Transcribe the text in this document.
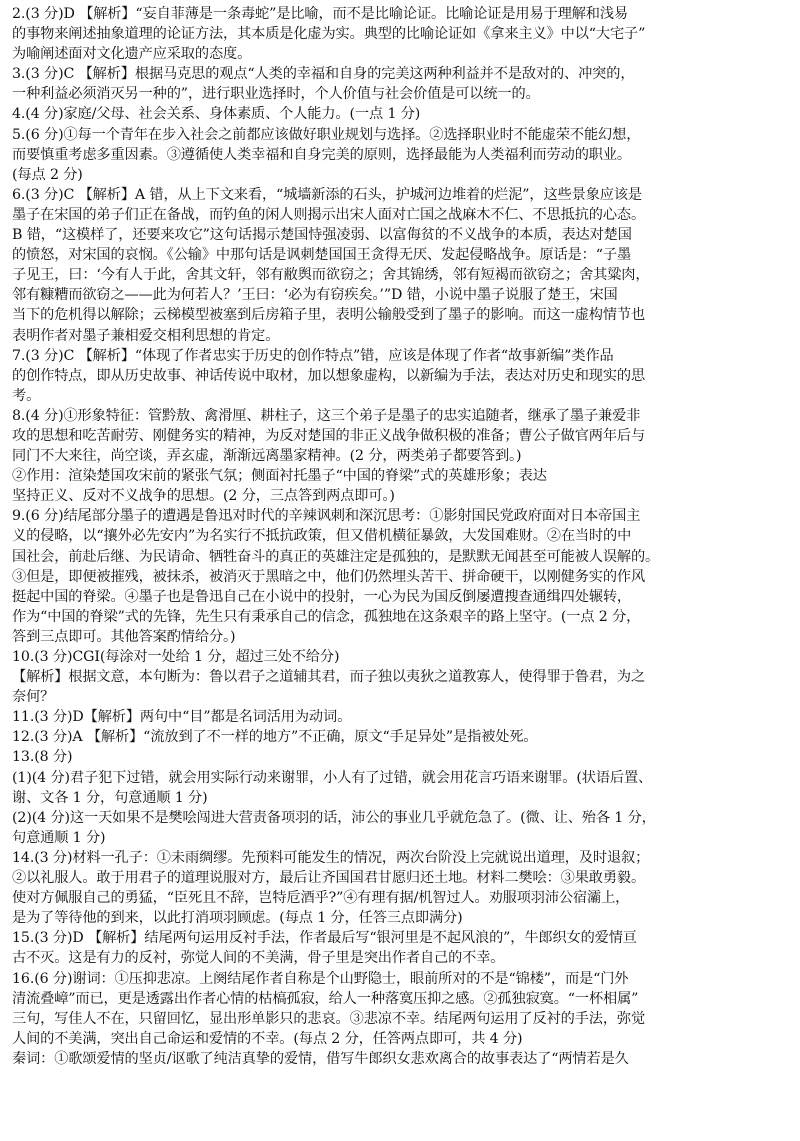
2.(3 分)D 【解析】“妄自菲薄是一条毒蛇”是比喻，而不是比喻论证。比喻论证是用易于理解和浅易
的事物来阐述抽象道理的论证方法，其本质是化虚为实。典型的比喻论证如《拿来主义》中以“大宅子”
为喻阐述面对文化遗产应采取的态度。
3.(3 分)C 【解析】根据马克思的观点“人类的幸福和自身的完美这两种利益并不是敌对的、冲突的，
一种利益必须消灭另一种的”，进行职业选择时，个人价值与社会价值是可以统一的。
4.(4 分)家庭/父母、社会关系、身体素质、个人能力。(一点 1 分)
5.(6 分)①每一个青年在步入社会之前都应该做好职业规划与选择。②选择职业时不能虚荣不能幻想，
而要慎重考虑多重因素。③遵循使人类幸福和自身完美的原则，选择最能为人类福利而劳动的职业。
(每点 2 分)
6.(3 分)C 【解析】A 错，从上下文来看，“城墙新添的石头，护城河边堆着的烂泥”，这些景象应该是
墨子在宋国的弟子们正在备战，而钓鱼的闲人则揭示出宋人面对亡国之战麻木不仁、不思抵抗的心态。
B 错，“这模样了，还要来攻它”这句话揭示楚国恃强凌弱、以富侮贫的不义战争的本质，表达对楚国
的愤怒，对宋国的哀悯。《公输》中那句话是讽刺楚国国王贪得无厌、发起侵略战争。原话是：“子墨
子见王，曰：‘今有人于此，舍其文轩，邻有敝舆而欲窃之；舍其锦绣，邻有短褐而欲窃之；舍其粱肉，
邻有糠糟而欲窃之——此为何若人？’王曰：‘必为有窃疾矣。’”D 错，小说中墨子说服了楚王，宋国
当下的危机得以解除；云梯模型被塞到后房箱子里，表明公输般受到了墨子的影响。而这一虚构情节也
表明作者对墨子兼相爱交相利思想的肯定。
7.(3 分)C 【解析】“体现了作者忠实于历史的创作特点”错，应该是体现了作者“故事新编”类作品
的创作特点，即从历史故事、神话传说中取材，加以想象虚构，以新编为手法，表达对历史和现实的思
考。
8.(4 分)①形象特征：管黔敖、禽滑厘、耕柱子，这三个弟子是墨子的忠实追随者，继承了墨子兼爱非
攻的思想和吃苦耐劳、刚健务实的精神，为反对楚国的非正义战争做积极的准备；曹公子做官两年后与
同门不大来往，尚空谈，弄玄虚，渐渐远离墨家精神。(2 分，两类弟子都要答到。)
②作用：渲染楚国攻宋前的紧张气氛；侧面衬托墨子“中国的脊梁”式的英雄形象；表达
坚持正义、反对不义战争的思想。(2 分，三点答到两点即可。)
9.(6 分)结尾部分墨子的遭遇是鲁迅对时代的辛辣讽刺和深沉思考：①影射国民党政府面对日本帝国主
义的侵略，以“攘外必先安内”为名实行不抵抗政策，但又借机横征暴敛，大发国难财。②在当时的中
国社会，前赴后继、为民请命、牺牲奋斗的真正的英雄注定是孤独的，是默默无闻甚至可能被人误解的。
③但是，即便被摧残，被抹杀，被消灭于黑暗之中，他们仍然埋头苦干、拼命硬干，以刚健务实的作风
挺起中国的脊梁。④墨子也是鲁迅自己在小说中的投射，一心为民为国反倒屡遭搜查通缉四处辗转，
作为“中国的脊梁”式的先锋，先生只有秉承自己的信念，孤独地在这条艰辛的路上坚守。(一点 2 分，
答到三点即可。其他答案酌情给分。)
10.(3 分)CGI(每涂对一处给 1 分，超过三处不给分)
【解析】根据文意，本句断为：鲁以君子之道辅其君，而子独以夷狄之道教寡人，使得罪于鲁君，为之
奈何？
11.(3 分)D【解析】两句中“目”都是名词活用为动词。
12.(3 分)A 【解析】“流放到了不一样的地方”不正确，原文“手足异处”是指被处死。
13.(8 分)
(1)(4 分)君子犯下过错，就会用实际行动来谢罪，小人有了过错，就会用花言巧语来谢罪。(状语后置、
谢、文各 1 分，句意通顺 1 分)
(2)(4 分)这一天如果不是樊哙闯进大营责备项羽的话，沛公的事业几乎就危急了。(微、让、殆各 1 分，
句意通顺 1 分)
14.(3 分)材料一孔子：①未雨绸缪。先预料可能发生的情况，两次台阶没上完就说出道理，及时退叙；
②以礼服人。敢于用君子的道理说服对方，最后让齐国国君甘愿归还土地。材料二樊哙：③果敢勇毅。
使对方佩服自己的勇猛，“臣死且不辞，岂特卮酒乎?”④有理有据/机智过人。劝服项羽沛公宿灞上，
是为了等待他的到来，以此打消项羽顾虑。(每点 1 分，任答三点即满分)
15.(3 分)D 【解析】结尾两句运用反衬手法，作者最后写“银河里是不起风浪的”，牛郎织女的爱情亘
古不灭。这是有力的反衬，弥觉人间的不美满，骨子里是突出作者自己的不幸。
16.(6 分)谢词：①压抑悲凉。上阕结尾作者自称是个山野隐士，眼前所对的不是“锦楼”，而是“门外
清流叠嶂”而已，更是透露出作者心情的枯槁孤寂，给人一种落寞压抑之感。②孤独寂寞。“一杯相属”
三句，写佳人不在，只留回忆，显出形单影只的悲哀。③悲凉不幸。结尾两句运用了反衬的手法，弥觉
人间的不美满，突出自己命运和爱情的不幸。(每点 2 分，任答两点即可，共 4 分)
秦词：①歌颂爱情的坚贞/讴歌了纯洁真挚的爱情，借写牛郎织女悲欢离合的故事表达了“两情若是久
